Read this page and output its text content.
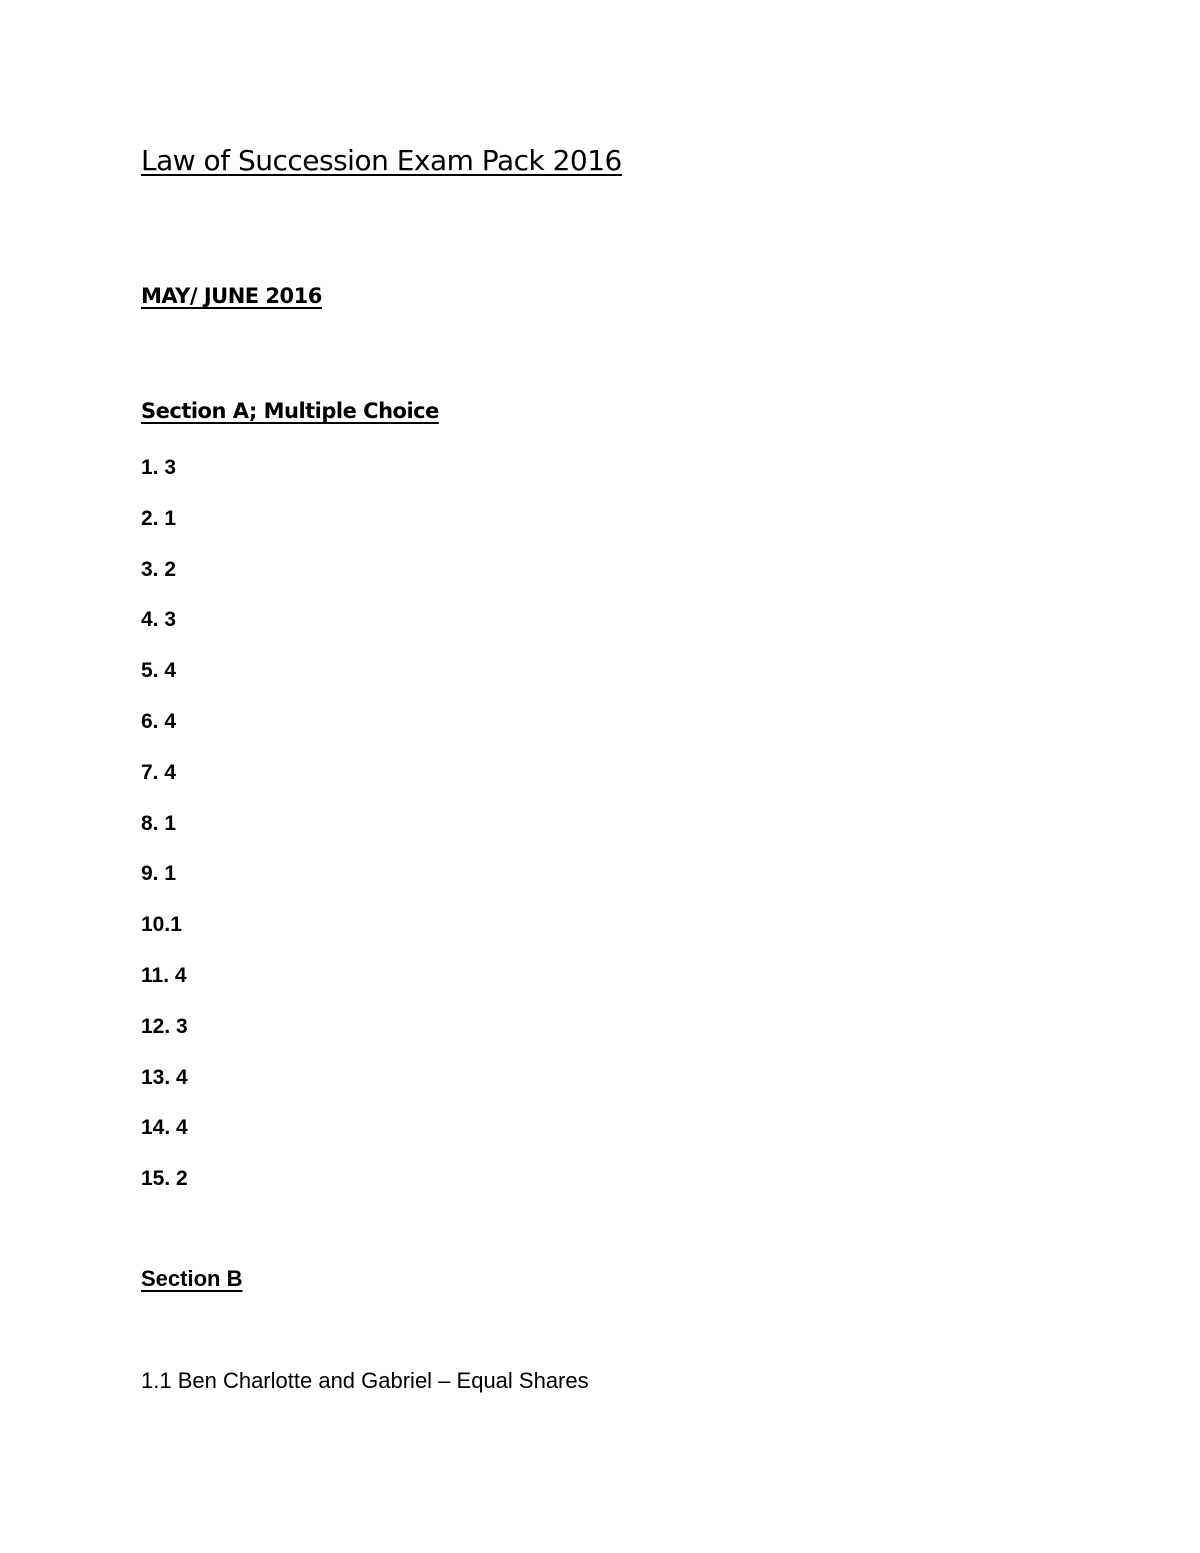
Law of Succession Exam Pack 2016
MAY/ JUNE 2016
Section A; Multiple Choice
1. 3
2. 1
3. 2
4. 3
5. 4
6. 4
7. 4
8. 1
9. 1
10.1
11. 4
12. 3
13. 4
14. 4
15. 2
Section B

1.1 Ben Charlotte and Gabriel – Equal Shares
